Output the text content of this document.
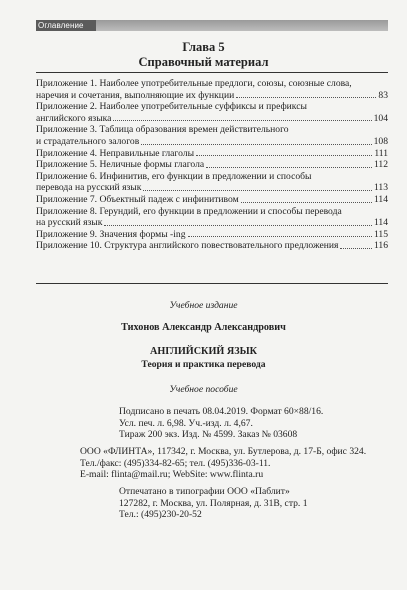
Оглавление
Глава 5
Справочный материал
Приложение 1. Наиболее употребительные предлоги, союзы, союзные слова,
наречия и сочетания, выполняющие их функции	83
Приложение 2. Наиболее употребительные суффиксы и префиксы
английского языка	104
Приложение 3. Таблица образования времен действительного
и страдательного залогов	108
Приложение 4. Неправильные глаголы	111
Приложение 5. Неличные формы глагола	112
Приложение 6. Инфинитив, его функции в предложении и способы
перевода на русский язык	113
Приложение 7. Объектный падеж с инфинитивом	114
Приложение 8. Герундий, его функции в предложении и способы перевода
на русский язык	114
Приложение 9. Значения формы -ing	115
Приложение 10. Структура английского повествовательного предложения	116
Учебное издание
Тихонов Александр Александрович
АНГЛИЙСКИЙ ЯЗЫК
Теория и практика перевода
Учебное пособие
Подписано в печать 08.04.2019. Формат 60×88/16.
Усл. печ. л. 6,98. Уч.-изд. л. 4,67.
Тираж 200 экз. Изд. № 4599. Заказ № 03608
ООО «ФЛИНТА», 117342, г. Москва, ул. Бутлерова, д. 17-Б, офис 324.
Тел./факс: (495)334-82-65; тел. (495)336-03-11.
E-mail: flinta@mail.ru; WebSite: www.flinta.ru
Отпечатано в типографии ООО «Паблит»
127282, г. Москва, ул. Полярная, д. 31В, стр. 1
Тел.: (495)230-20-52
